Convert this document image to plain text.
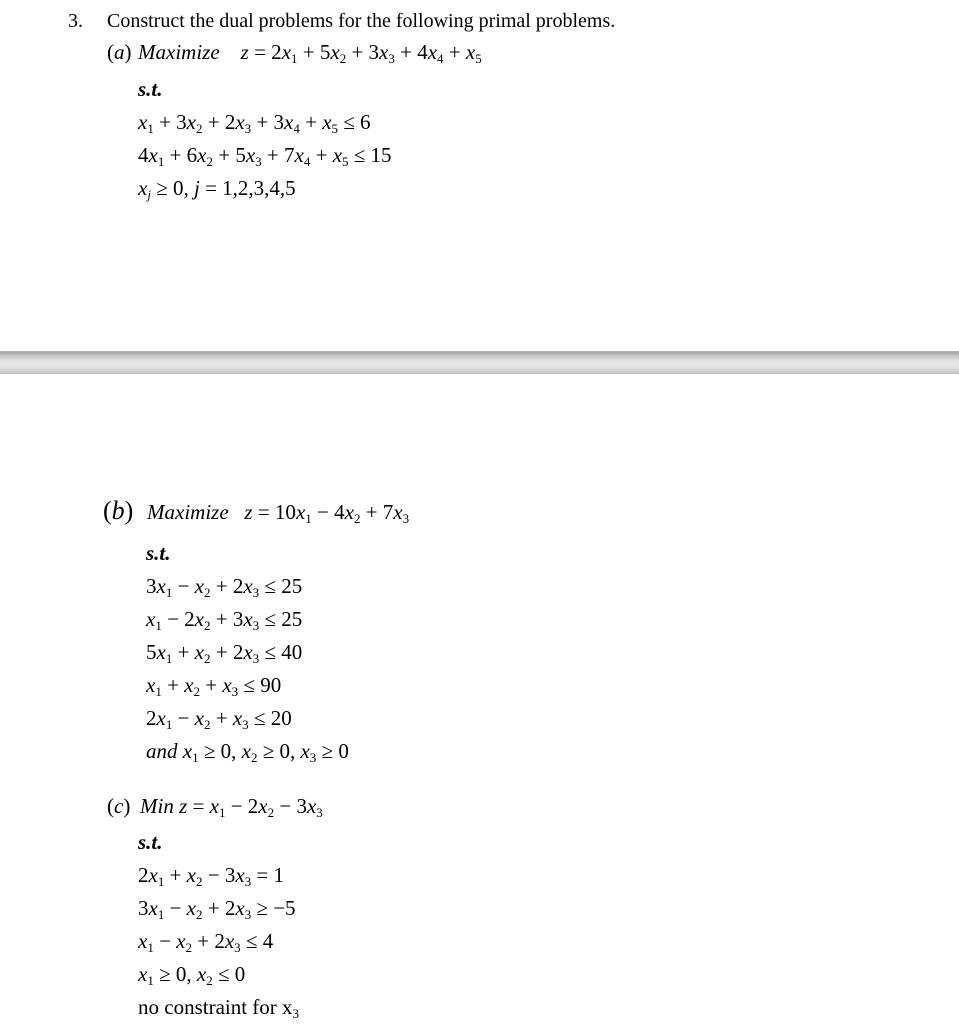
3.	Construct the dual problems for the following primal problems.
(a) Maximize $z = 2x_1 + 5x_2 + 3x_3 + 4x_4 + x_5$
s.t.
$x_1 + 3x_2 + 2x_3 + 3x_4 + x_5 \le 6$
$4x_1 + 6x_2 + 5x_3 + 7x_4 + x_5 \le 15$
$x_j \ge 0$, j = 1,2,3,4,5
(b) Maximize $z = 10x_1 - 4x_2 + 7x_3$
s.t.
$3x_1 - x_2 + 2x_3 \le 25$
$x_1 - 2x_2 + 3x_3 \le 25$
$5x_1 + x_2 + 2x_3 \le 40$
$x_1 + x_2 + x_3 \le 90$
$2x_1 - x_2 + x_3 \le 20$
and $x_1 \ge 0$, $x_2 \ge 0$, $x_3 \ge 0$
(c) Min $z = x_1 - 2x_2 - 3x_3$
s.t.
$2x_1 + x_2 - 3x_3 = 1$
$3x_1 - x_2 + 2x_3 \ge -5$
$x_1 - x_2 + 2x_3 \le 4$
$x_1 \ge 0$, $x_2 \le 0$
no constraint for $x_3$
